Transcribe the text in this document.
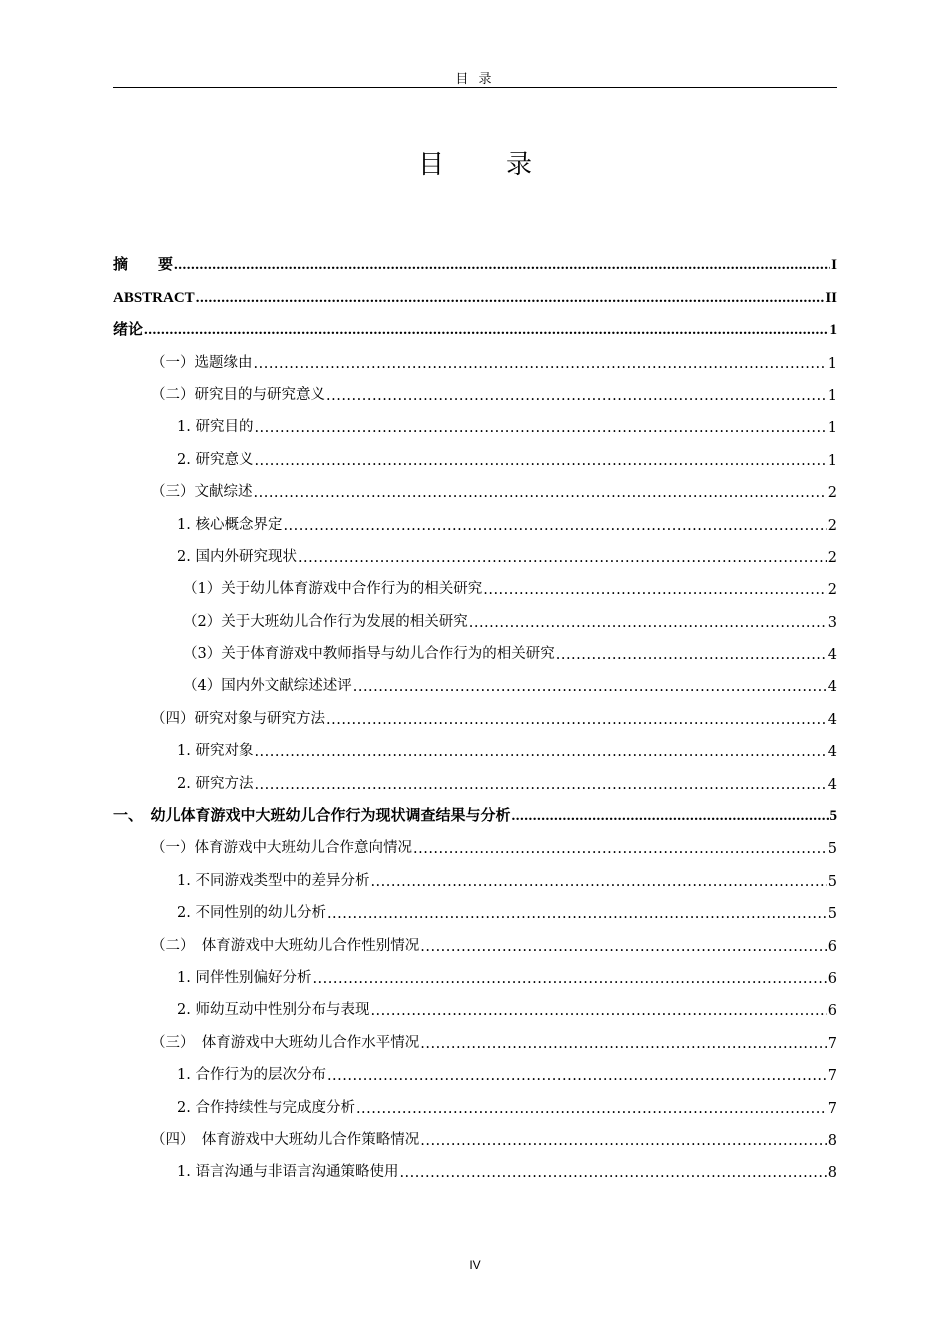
目 录
目　录
摘　　要 .....	I
ABSTRACT .....	II
绪论 .....	1
（一）选题缘由 .....	1
（二）研究目的与研究意义 .....	1
1. 研究目的 .....	1
2. 研究意义 .....	1
（三）文献综述 .....	2
1. 核心概念界定 .....	2
2. 国内外研究现状 .....	2
（1）关于幼儿体育游戏中合作行为的相关研究 .....	2
（2）关于大班幼儿合作行为发展的相关研究 .....	3
（3）关于体育游戏中教师指导与幼儿合作行为的相关研究 .....	4
（4）国内外文献综述述评 .....	4
（四）研究对象与研究方法 .....	4
1. 研究对象 .....	4
2. 研究方法 .....	4
一、　幼儿体育游戏中大班幼儿合作行为现状调查结果与分析 .....	5
（一）体育游戏中大班幼儿合作意向情况 .....	5
1. 不同游戏类型中的差异分析 .....	5
2. 不同性别的幼儿分析 .....	5
（二）　体育游戏中大班幼儿合作性别情况 .....	6
1. 同伴性别偏好分析 .....	6
2. 师幼互动中性别分布与表现 .....	6
（三）　体育游戏中大班幼儿合作水平情况 .....	7
1. 合作行为的层次分布 .....	7
2. 合作持续性与完成度分析 .....	7
（四）　体育游戏中大班幼儿合作策略情况 .....	8
1. 语言沟通与非语言沟通策略使用 .....	8
IV
